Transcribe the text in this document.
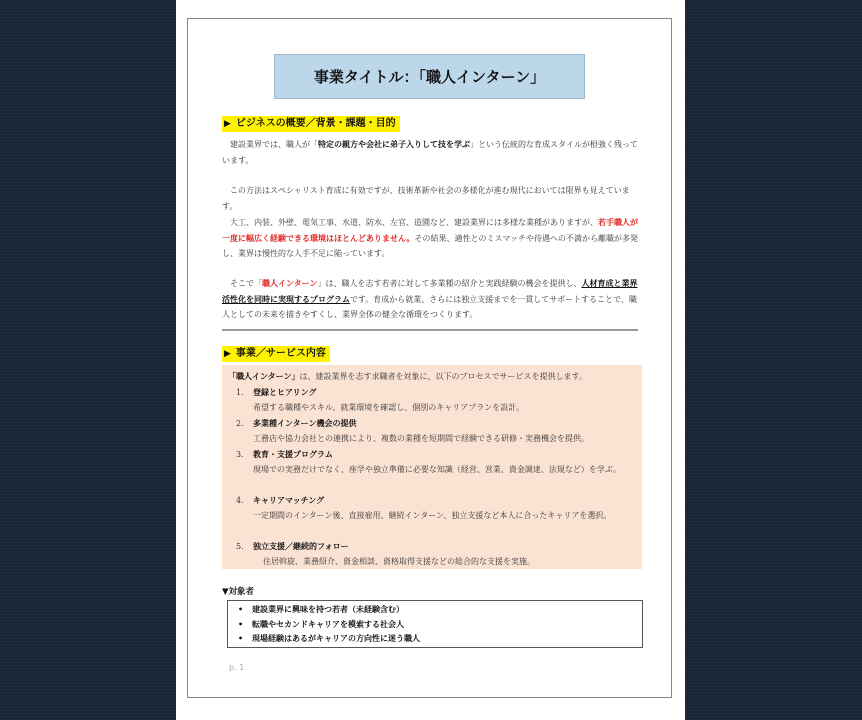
事業タイトル：「職人インターン」
▶ ビジネスの概要／背景・課題・目的

建設業界では、職人が「特定の親方や会社に弟子入りして技を学ぶ」という伝統的な育成スタイルが根強く残っています。

この方法はスペシャリスト育成に有効ですが、技術革新や社会の多様化が進む現代においては限界も見えています。

大工、内装、外壁、電気工事、水道、防水、左官、造園など、建設業界には多様な業種がありますが、若手職人が一度に幅広く経験できる環境はほとんどありません。その結果、適性とのミスマッチや待遇への不満から離職が多発し、業界は慢性的な人手不足に陥っています。

そこで「職人インターン」は、職人を志す若者に対して多業種の紹介と実践経験の機会を提供し、人材育成と業界活性化を同時に実現するプログラムです。育成から就業、さらには独立支援までを一貫してサポートすることで、職人としての未来を描きやすくし、業界全体の健全な循環をつくります。

▶ 事業／サービス内容
「職人インターン」は、建設業界を志す求職者を対象に、以下のプロセスでサービスを提供します。
1. 登録とヒアリング
希望する職種やスキル、就業環境を確認し、個別のキャリアプランを設計。
2. 多業種インターン機会の提供
工務店や協力会社との連携により、複数の業種を短期間で経験できる研修・実務機会を提供。
3. 教育・支援プログラム
現場での実務だけでなく、座学や独立準備に必要な知識（経営、営業、資金調達、法規など）を学ぶ。
4. キャリアマッチング
一定期間のインターン後、直接雇用、継続インターン、独立支援など本人に合ったキャリアを選択。
5. 独立支援／継続的フォロー
住居斡旋、業務紹介、資金相談、資格取得支援などの総合的な支援を実施。
▼対象者
• 建設業界に興味を持つ若者（未経験含む）
• 転職やセカンドキャリアを模索する社会人
• 現場経験はあるがキャリアの方向性に迷う職人
p. 1
